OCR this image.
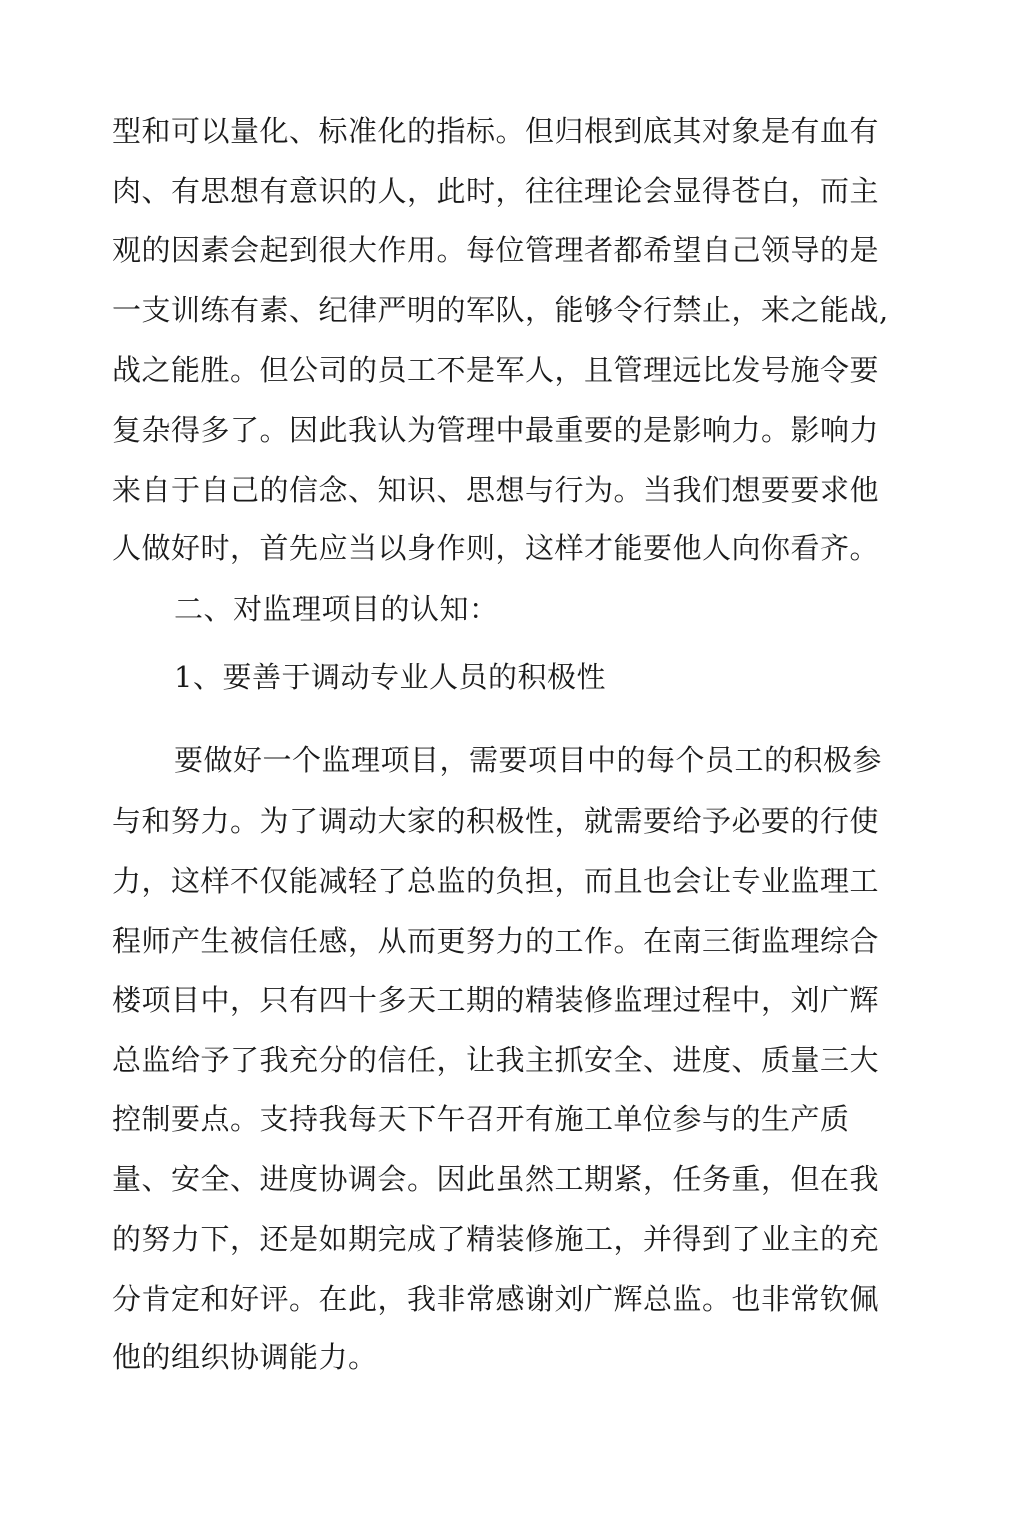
型和可以量化、标准化的指标。但归根到底其对象是有血有
肉、有思想有意识的人，此时，往往理论会显得苍白，而主
观的因素会起到很大作用。每位管理者都希望自己领导的是
一支训练有素、纪律严明的军队，能够令行禁止，来之能战,
战之能胜。但公司的员工不是军人，且管理远比发号施令要
复杂得多了。因此我认为管理中最重要的是影响力。影响力
来自于自己的信念、知识、思想与行为。当我们想要要求他
人做好时，首先应当以身作则，这样才能要他人向你看齐。
二、对监理项目的认知：
1、要善于调动专业人员的积极性
要做好一个监理项目，需要项目中的每个员工的积极参
与和努力。为了调动大家的积极性，就需要给予必要的行使
力，这样不仅能减轻了总监的负担，而且也会让专业监理工
程师产生被信任感，从而更努力的工作。在南三街监理综合
楼项目中，只有四十多天工期的精装修监理过程中，刘广辉
总监给予了我充分的信任，让我主抓安全、进度、质量三大
控制要点。支持我每天下午召开有施工单位参与的生产质
量、安全、进度协调会。因此虽然工期紧，任务重，但在我
的努力下，还是如期完成了精装修施工，并得到了业主的充
分肯定和好评。在此，我非常感谢刘广辉总监。也非常钦佩
他的组织协调能力。
